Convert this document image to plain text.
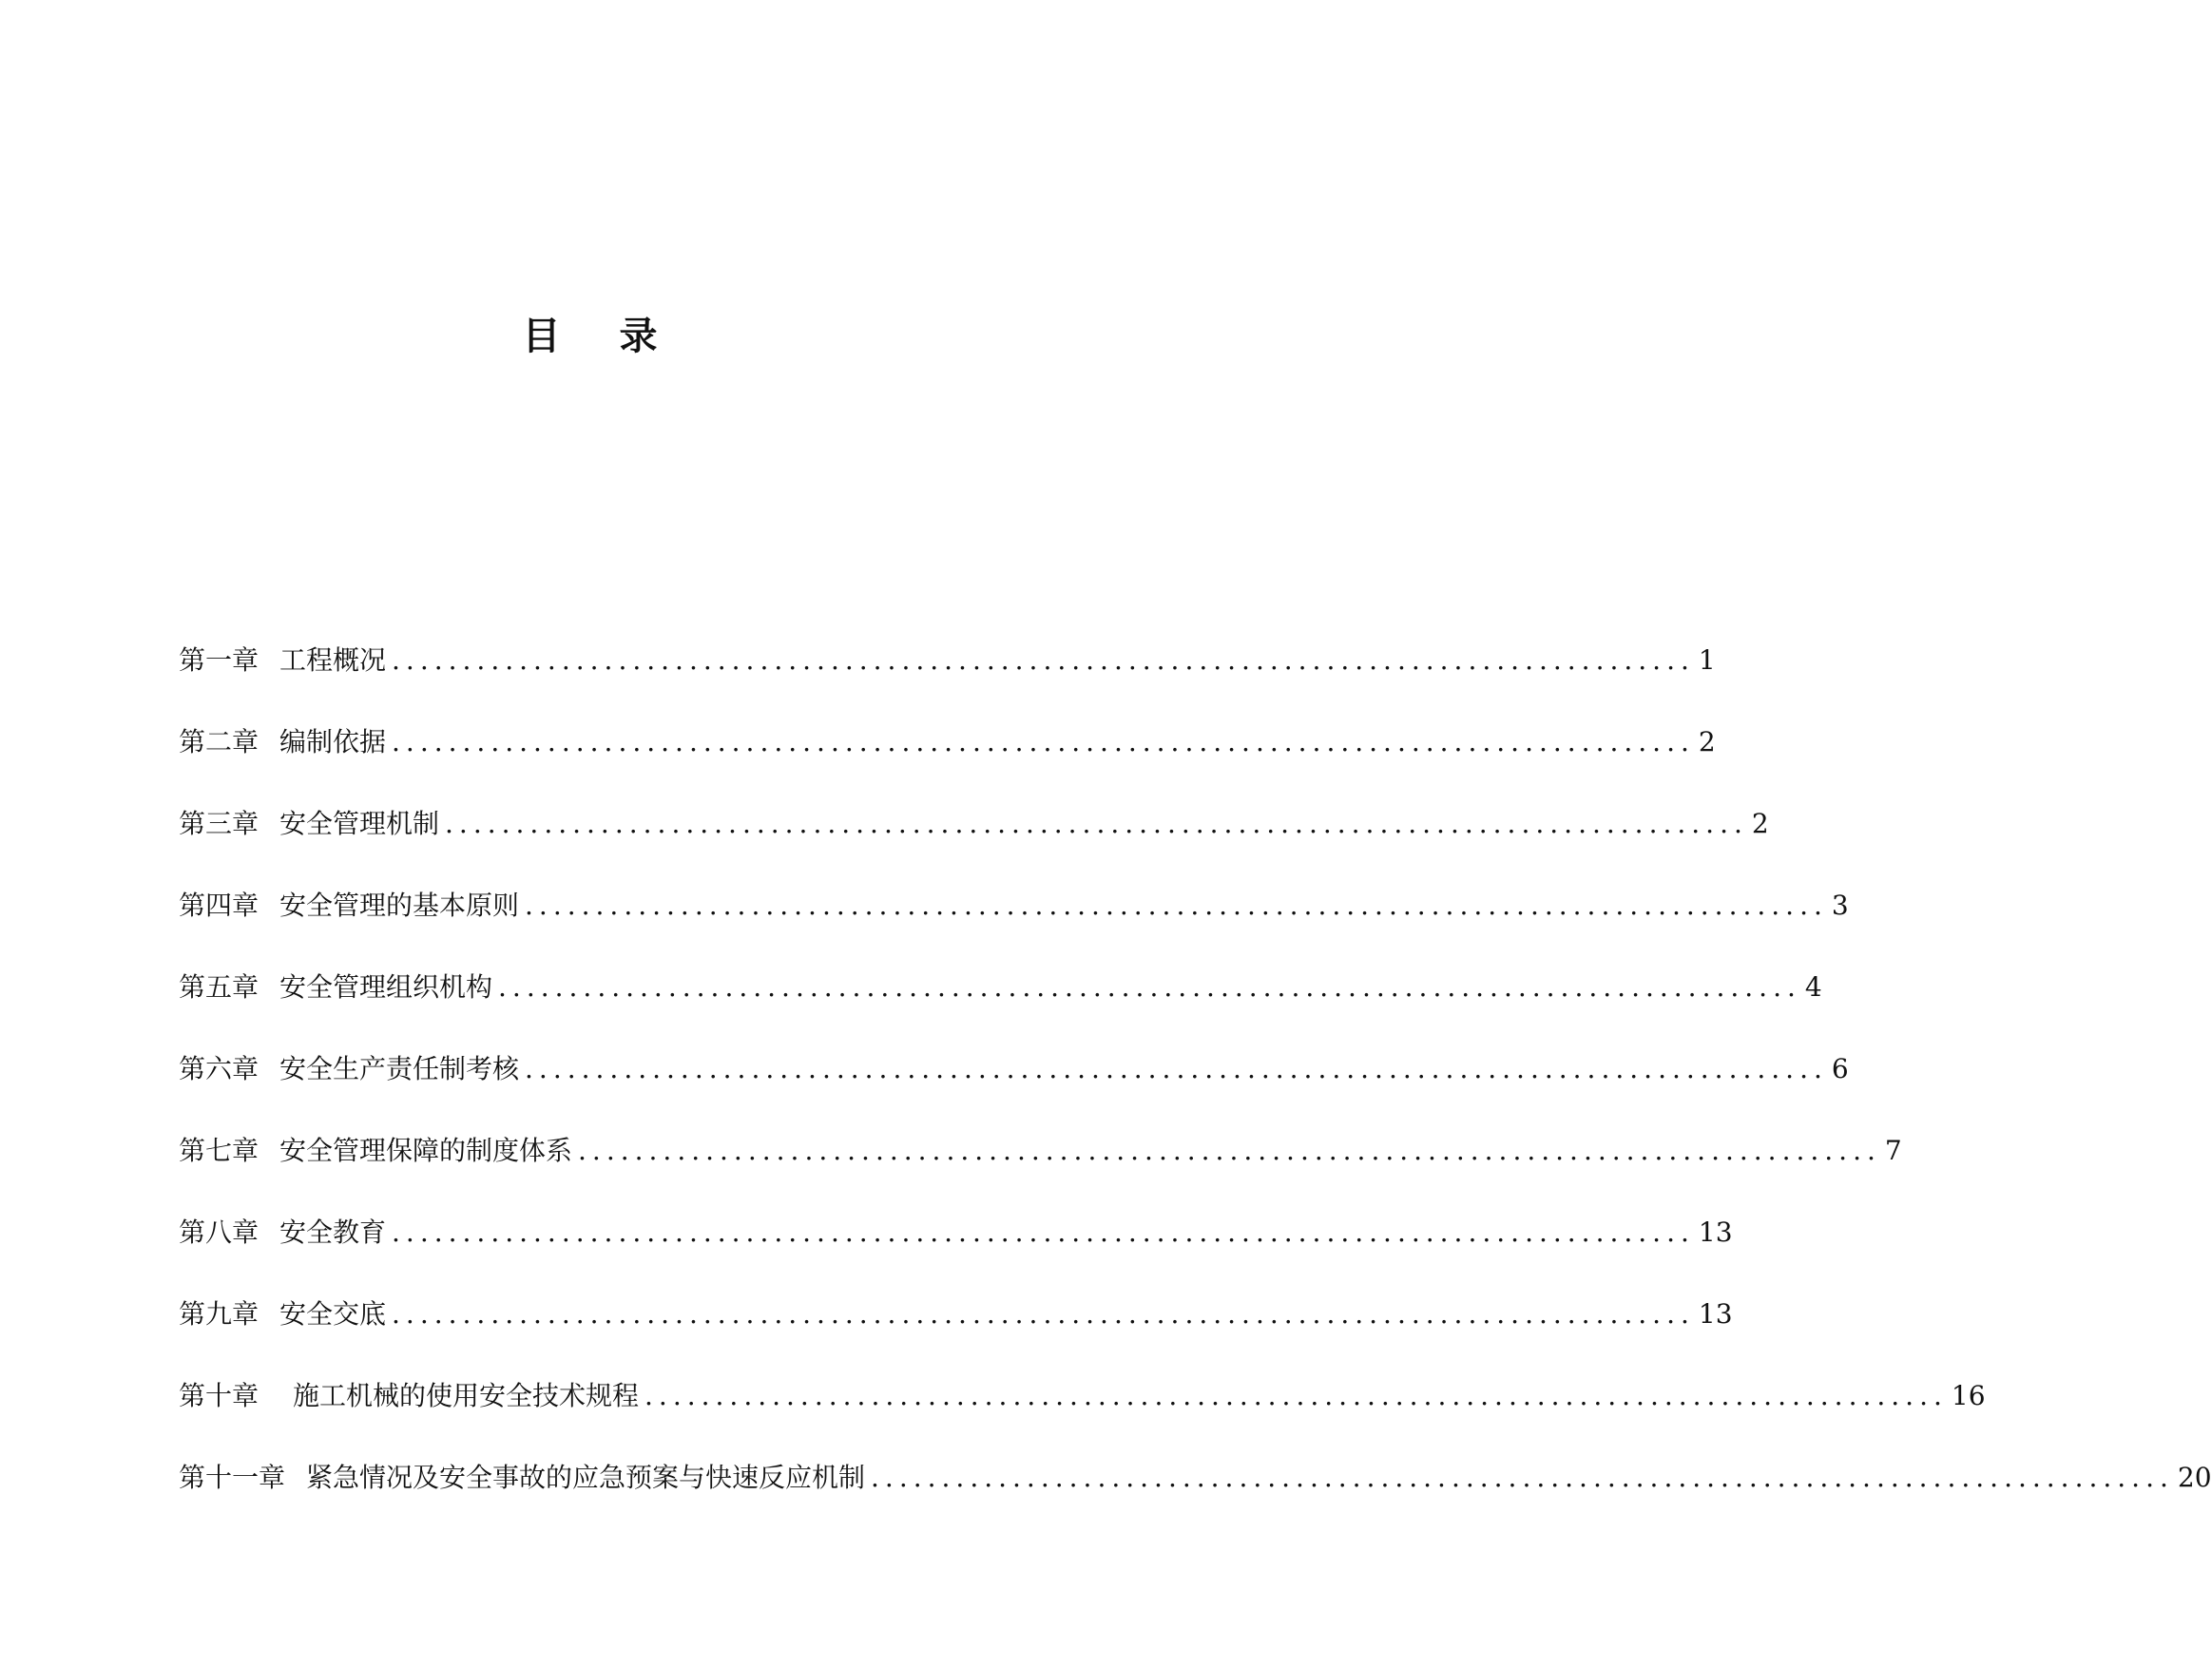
目 录
第一章 工程概况 ............................................................................................ 1
第二章 编制依据 ............................................................................................ 2
第三章 安全管理机制 ............................................................................................ 2
第四章 安全管理的基本原则 ............................................................................................ 3
第五章 安全管理组织机构 ............................................................................................ 4
第六章 安全生产责任制考核 ............................................................................................ 6
第七章 安全管理保障的制度体系 ............................................................................................ 7
第八章 安全教育 ............................................................................................ 13
第九章 安全交底 ............................................................................................ 13
第十章 施工机械的使用安全技术规程 ............................................................................................ 16
第十一章 紧急情况及安全事故的应急预案与快速反应机制 ............................................................................................ 20
